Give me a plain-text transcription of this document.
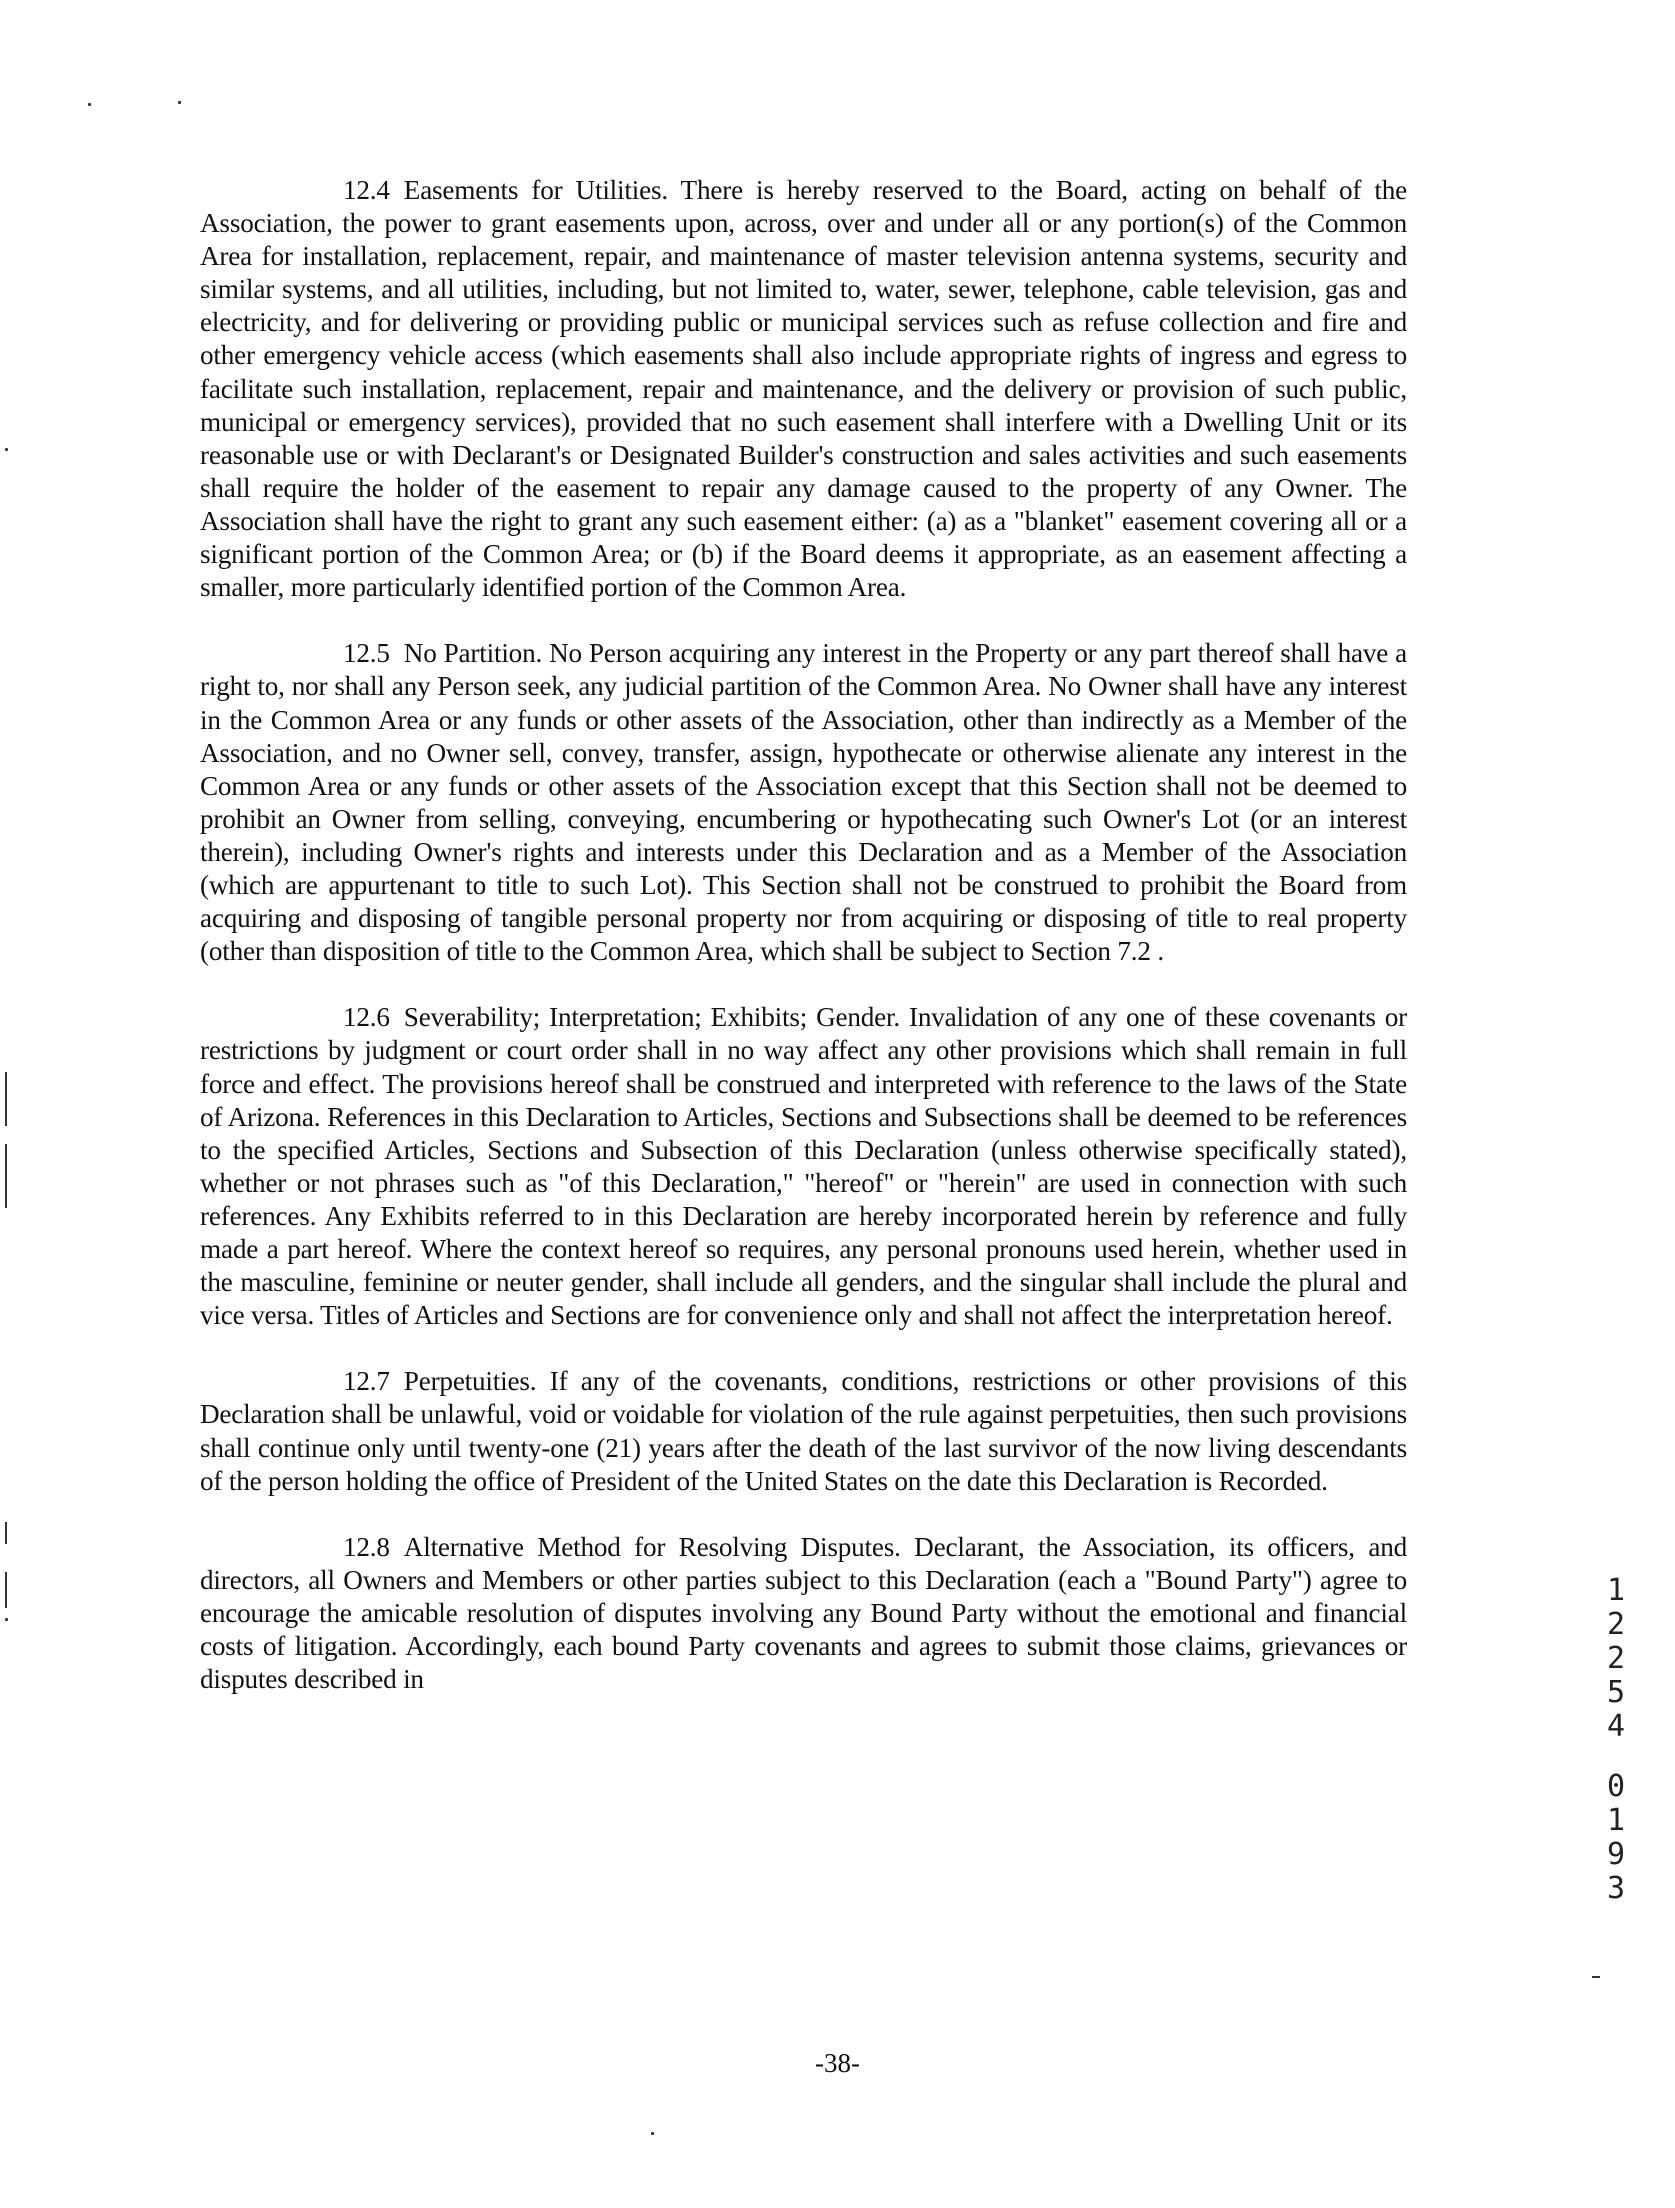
12.4 Easements for Utilities. There is hereby reserved to the Board, acting on behalf of the Association, the power to grant easements upon, across, over and under all or any portion(s) of the Common Area for installation, replacement, repair, and maintenance of master television antenna systems, security and similar systems, and all utilities, including, but not limited to, water, sewer, telephone, cable television, gas and electricity, and for delivering or providing public or municipal services such as refuse collection and fire and other emergency vehicle access (which easements shall also include appropriate rights of ingress and egress to facilitate such installation, replacement, repair and maintenance, and the delivery or provision of such public, municipal or emergency services), provided that no such easement shall interfere with a Dwelling Unit or its reasonable use or with Declarant's or Designated Builder's construction and sales activities and such easements shall require the holder of the easement to repair any damage caused to the property of any Owner. The Association shall have the right to grant any such easement either: (a) as a "blanket" easement covering all or a significant portion of the Common Area; or (b) if the Board deems it appropriate, as an easement affecting a smaller, more particularly identified portion of the Common Area.

12.5 No Partition. No Person acquiring any interest in the Property or any part thereof shall have a right to, nor shall any Person seek, any judicial partition of the Common Area. No Owner shall have any interest in the Common Area or any funds or other assets of the Association, other than indirectly as a Member of the Association, and no Owner sell, convey, transfer, assign, hypothecate or otherwise alienate any interest in the Common Area or any funds or other assets of the Association except that this Section shall not be deemed to prohibit an Owner from selling, conveying, encumbering or hypothecating such Owner's Lot (or an interest therein), including Owner's rights and interests under this Declaration and as a Member of the Association (which are appurtenant to title to such Lot). This Section shall not be construed to prohibit the Board from acquiring and disposing of tangible personal property nor from acquiring or disposing of title to real property (other than disposition of title to the Common Area, which shall be subject to Section 7.2 .

12.6 Severability; Interpretation; Exhibits; Gender. Invalidation of any one of these covenants or restrictions by judgment or court order shall in no way affect any other provisions which shall remain in full force and effect. The provisions hereof shall be construed and interpreted with reference to the laws of the State of Arizona. References in this Declaration to Articles, Sections and Subsections shall be deemed to be references to the specified Articles, Sections and Subsection of this Declaration (unless otherwise specifically stated), whether or not phrases such as "of this Declaration," "hereof" or "herein" are used in connection with such references. Any Exhibits referred to in this Declaration are hereby incorporated herein by reference and fully made a part hereof. Where the context hereof so requires, any personal pronouns used herein, whether used in the masculine, feminine or neuter gender, shall include all genders, and the singular shall include the plural and vice versa. Titles of Articles and Sections are for convenience only and shall not affect the interpretation hereof.

12.7 Perpetuities. If any of the covenants, conditions, restrictions or other provisions of this Declaration shall be unlawful, void or voidable for violation of the rule against perpetuities, then such provisions shall continue only until twenty-one (21) years after the death of the last survivor of the now living descendants of the person holding the office of President of the United States on the date this Declaration is Recorded.

12.8 Alternative Method for Resolving Disputes. Declarant, the Association, its officers, and directors, all Owners and Members or other parties subject to this Declaration (each a "Bound Party") agree to encourage the amicable resolution of disputes involving any Bound Party without the emotional and financial costs of litigation. Accordingly, each bound Party covenants and agrees to submit those claims, grievances or disputes described in

-38-
1
2
2
5
4
0
1
9
3
